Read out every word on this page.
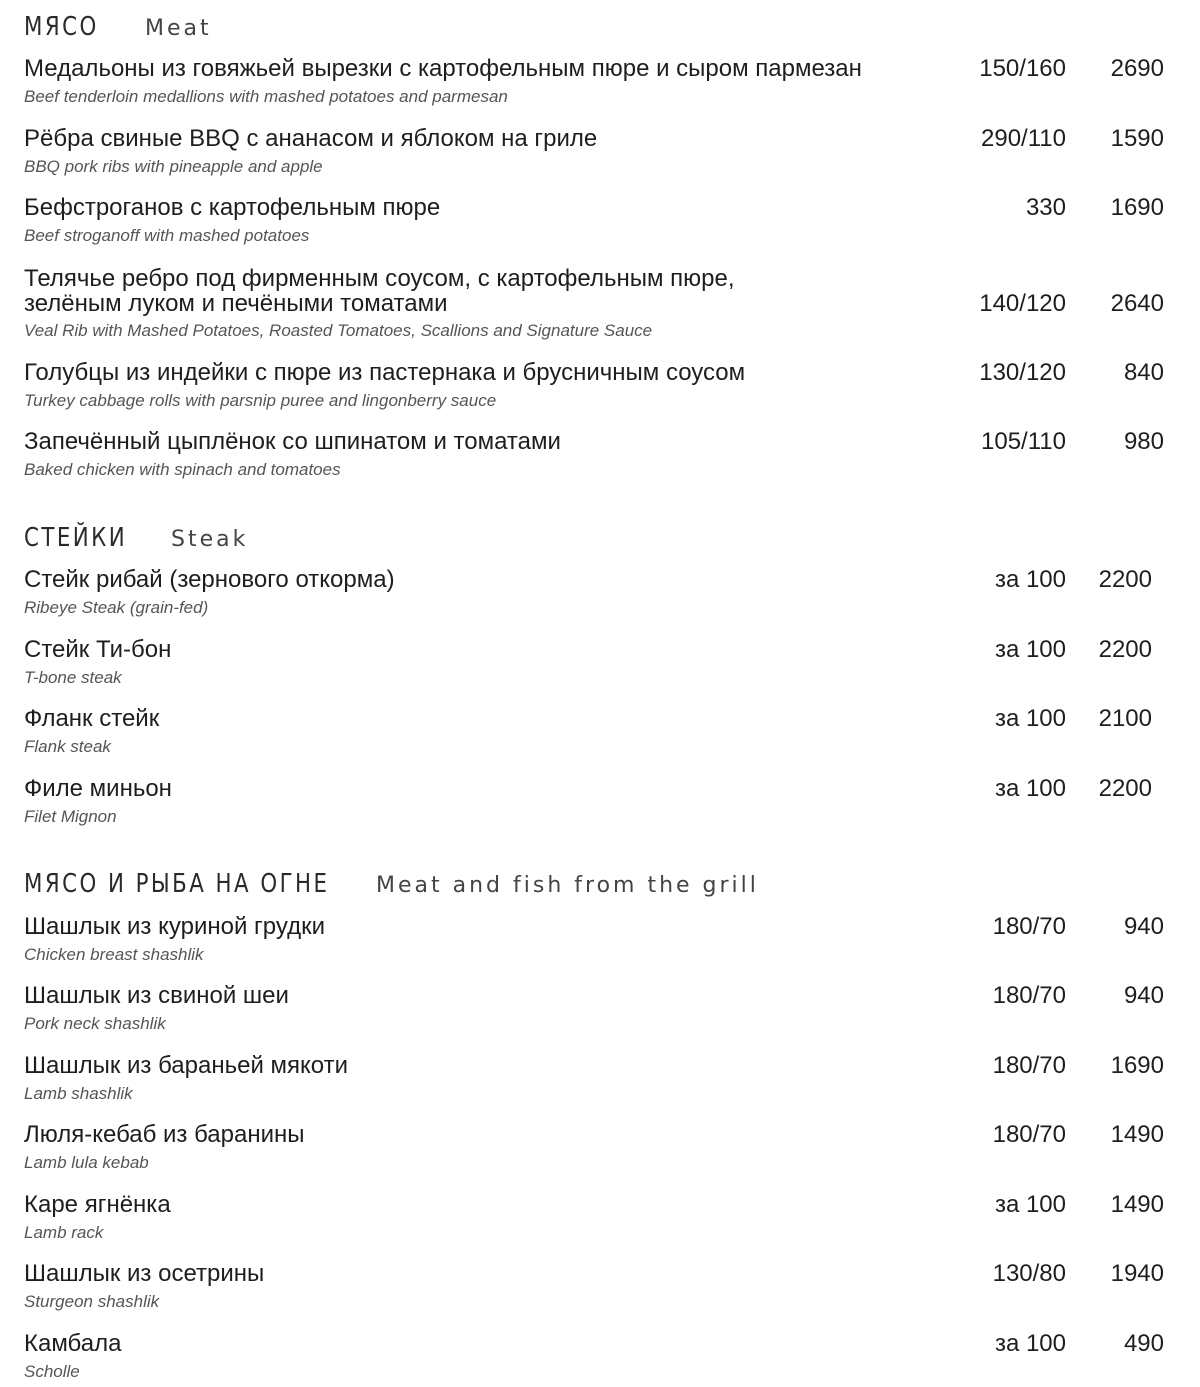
МЯСО Meat
Медальоны из говяжьей вырезки с картофельным пюре и сыром пармезан	150/160 2690
Beef tenderloin medallions with mashed potatoes and parmesan
Рёбра свиные BBQ с ананасом и яблоком на гриле	290/110 1590
BBQ pork ribs with pineapple and apple
Бефстроганов с картофельным пюре	330 1690
Beef stroganoff with mashed potatoes
Телячье ребро под фирменным соусом, с картофельным пюре,
зелёным луком и печёными томатами	140/120 2640
Veal Rib with Mashed Potatoes, Roasted Tomatoes, Scallions and Signature Sauce
Голубцы из индейки с пюре из пастернака и брусничным соусом	130/120 840
Turkey cabbage rolls with parsnip puree and lingonberry sauce
Запечённый цыплёнок со шпинатом и томатами	105/110 980
Baked chicken with spinach and tomatoes
СТЕЙКИ Steak
Стейк рибай (зернового откорма)	за 100 2200
Ribeye Steak (grain-fed)
Стейк Ти-бон	за 100 2200
T-bone steak
Фланк стейк	за 100 2100
Flank steak
Филе миньон	за 100 2200
Filet Mignon
МЯСО И РЫБА НА ОГНЕ Meat and fish from the grill
Шашлык из куриной грудки	180/70 940
Chicken breast shashlik
Шашлык из свиной шеи	180/70 940
Pork neck shashlik
Шашлык из бараньей мякоти	180/70 1690
Lamb shashlik
Люля-кебаб из баранины	180/70 1490
Lamb lula kebab
Каре ягнёнка	за 100 1490
Lamb rack
Шашлык из осетрины	130/80 1940
Sturgeon shashlik
Камбала	за 100 490
Scholle
